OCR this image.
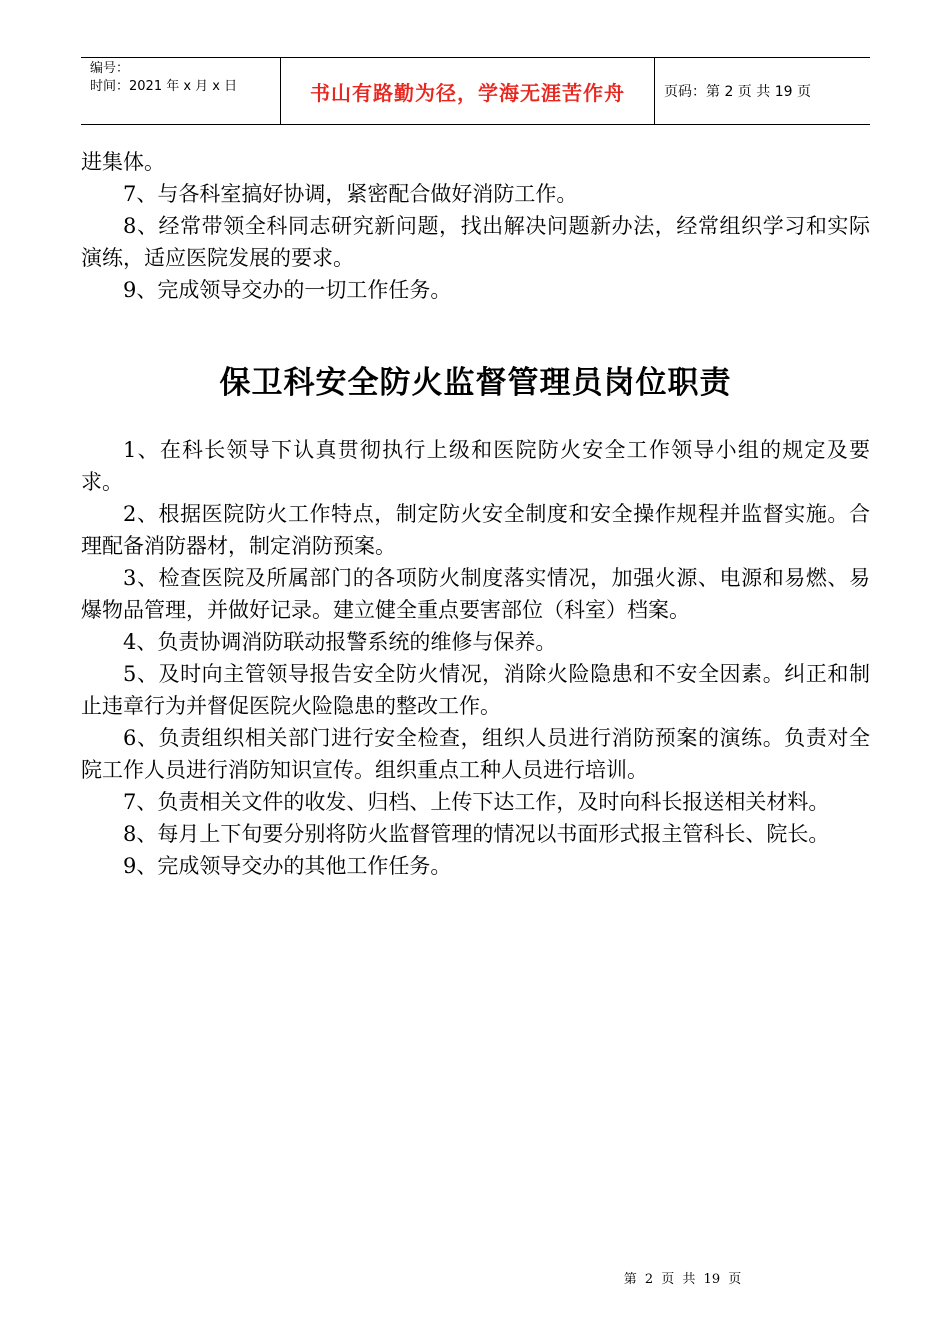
编号：
时间：2021 年 x 月 x 日	书山有路勤为径，学海无涯苦作舟	页码：第 2 页 共 19 页

进集体。

7、与各科室搞好协调，紧密配合做好消防工作。

8、经常带领全科同志研究新问题，找出解决问题新办法，经常组织学习和实际演练，适应医院发展的要求。

9、完成领导交办的一切工作任务。

保卫科安全防火监督管理员岗位职责

1、在科长领导下认真贯彻执行上级和医院防火安全工作领导小组的规定及要求。

2、根据医院防火工作特点，制定防火安全制度和安全操作规程并监督实施。合理配备消防器材，制定消防预案。

3、检查医院及所属部门的各项防火制度落实情况，加强火源、电源和易燃、易爆物品管理，并做好记录。建立健全重点要害部位（科室）档案。

4、负责协调消防联动报警系统的维修与保养。

5、及时向主管领导报告安全防火情况，消除火险隐患和不安全因素。纠正和制止违章行为并督促医院火险隐患的整改工作。

6、负责组织相关部门进行安全检查，组织人员进行消防预案的演练。负责对全院工作人员进行消防知识宣传。组织重点工种人员进行培训。

7、负责相关文件的收发、归档、上传下达工作，及时向科长报送相关材料。

8、每月上下旬要分别将防火监督管理的情况以书面形式报主管科长、院长。

9、完成领导交办的其他工作任务。

第 2 页 共 19 页
